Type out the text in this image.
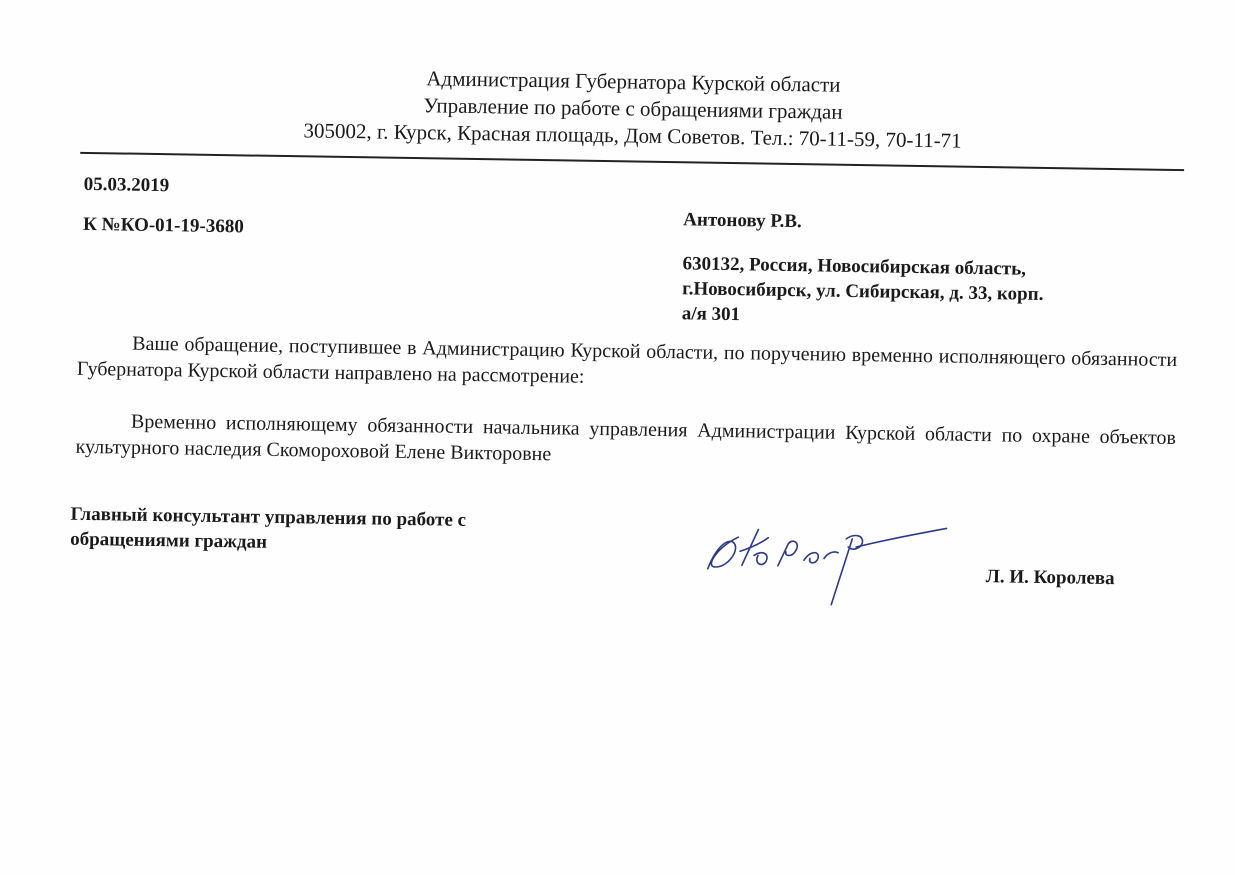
Администрация Губернатора Курской области
Управление по работе с обращениями граждан
305002, г. Курск, Красная площадь, Дом Советов. Тел.: 70-11-59, 70-11-71
05.03.2019
К №КО-01-19-3680	Антонову Р.В.
630132, Россия, Новосибирская область,
г.Новосибирск, ул. Сибирская, д. 33, корп.
а/я 301
Ваше обращение, поступившее в Администрацию Курской области, по поручению временно исполняющего обязанности Губернатора Курской области направлено на рассмотрение:
Временно исполняющему обязанности начальника управления Администрации Курской области по охране объектов культурного наследия Скомороховой Елене Викторовне
Главный консультант управления по работе с
обращениями граждан
Л. И. Королева
